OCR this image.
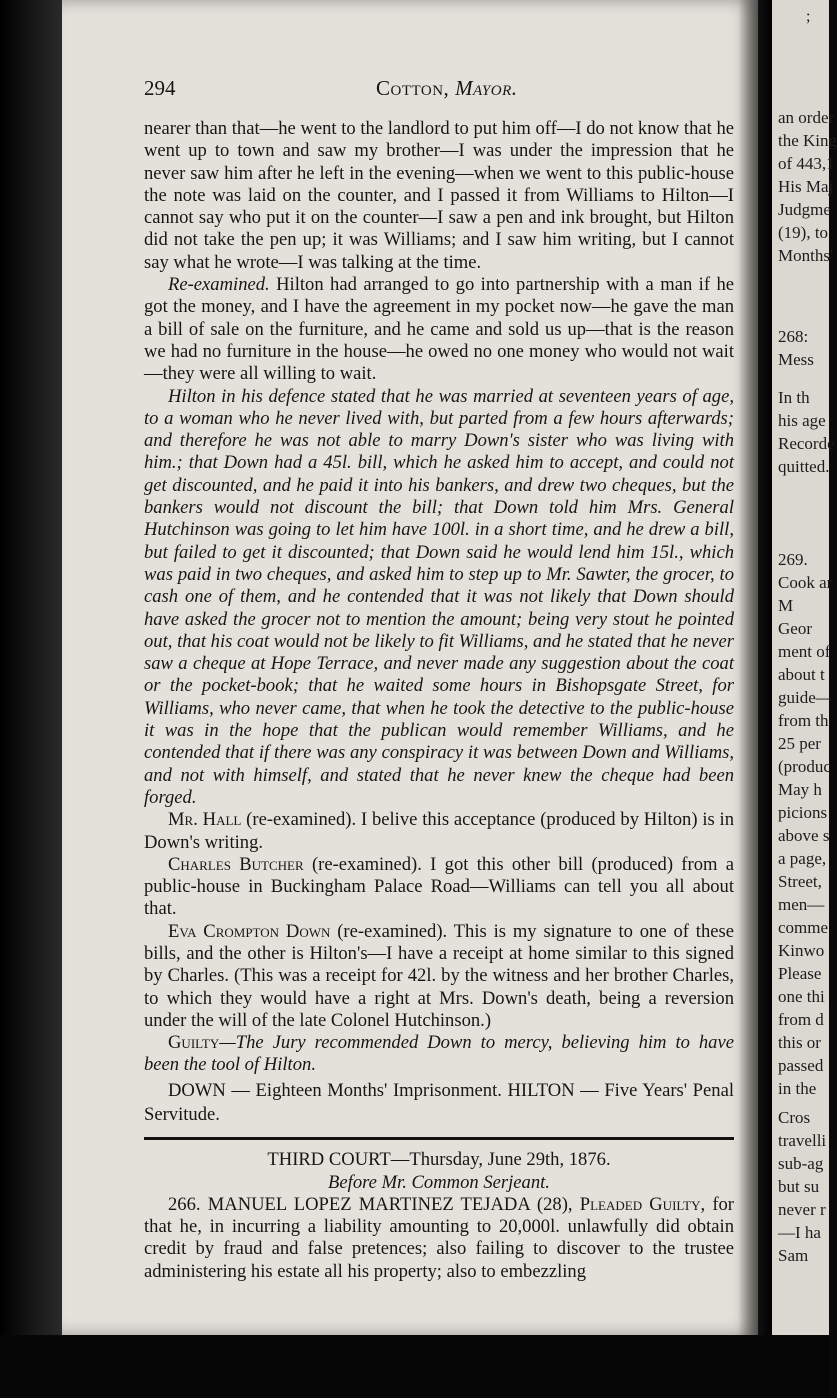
294	Cotton, Mayor.

nearer than that—he went to the landlord to put him off—I do not know that he went up to town and saw my brother—I was under the impression that he never saw him after he left in the evening—when we went to this public-house the note was laid on the counter, and I passed it from Williams to Hilton—I cannot say who put it on the counter—I saw a pen and ink brought, but Hilton did not take the pen up; it was Williams; and I saw him writing, but I cannot say what he wrote—I was talking at the time.

Re-examined. Hilton had arranged to go into partnership with a man if he got the money, and I have the agreement in my pocket now—he gave the man a bill of sale on the furniture, and he came and sold us up—that is the reason we had no furniture in the house—he owed no one money who would not wait—they were all willing to wait.

Hilton in his defence stated that he was married at seventeen years of age, to a woman who he never lived with, but parted from a few hours afterwards; and therefore he was not able to marry Down's sister who was living with him.; that Down had a 45l. bill, which he asked him to accept, and could not get discounted, and he paid it into his bankers, and drew two cheques, but the bankers would not discount the bill; that Down told him Mrs. General Hutchinson was going to let him have 100l. in a short time, and he drew a bill, but failed to get it discounted; that Down said he would lend him 15l., which was paid in two cheques, and asked him to step up to Mr. Sawter, the grocer, to cash one of them, and he contended that it was not likely that Down should have asked the grocer not to mention the amount; being very stout he pointed out, that his coat would not be likely to fit Williams, and he stated that he never saw a cheque at Hope Terrace, and never made any suggestion about the coat or the pocket-book; that he waited some hours in Bishopsgate Street, for Williams, who never came, that when he took the detective to the public-house it was in the hope that the publican would remember Williams, and he contended that if there was any conspiracy it was between Down and Williams, and not with himself, and stated that he never knew the cheque had been forged.

Mr. Hall (re-examined). I belive this acceptance (produced by Hilton) is in Down's writing.

Charles Butcher (re-examined). I got this other bill (produced) from a public-house in Buckingham Palace Road—Williams can tell you all about that.

Eva Crompton Down (re-examined). This is my signature to one of these bills, and the other is Hilton's—I have a receipt at home similar to this signed by Charles. (This was a receipt for 42l. by the witness and her brother Charles, to which they would have a right at Mrs. Down's death, being a reversion under the will of the late Colonel Hutchinson.)

Guilty—The Jury recommended Down to mercy, believing him to have been the tool of Hilton.

DOWN — Eighteen Months' Imprisonment. HILTON — Five Years' Penal Servitude.

THIRD COURT—Thursday, June 29th, 1876.
Before Mr. Common Serjeant.

266. MANUEL LOPEZ MARTINEZ TEJADA (28), Pleaded Guilty, for that he, in incurring a liability amounting to 20,000l. unlawfully did obtain credit by fraud and false pretences; also failing to discover to the trustee administering his estate all his property; also to embezzling

;
an order
the King
of 443,1
His Maj
Judgme
(19), to
Months'
268:
Mess
In th
his age
Recorde
quitted.
269.
Cook ar
M
Geor
ment of
about t
guide—
from th
25 per
(produc
May h
picions
above s
a page,
Street,
men—
comme
Kinwo
Please
one thi
from d
this or
passed
in the
Cros
travelli
sub-ag
but su
never r
—I ha
Sam
